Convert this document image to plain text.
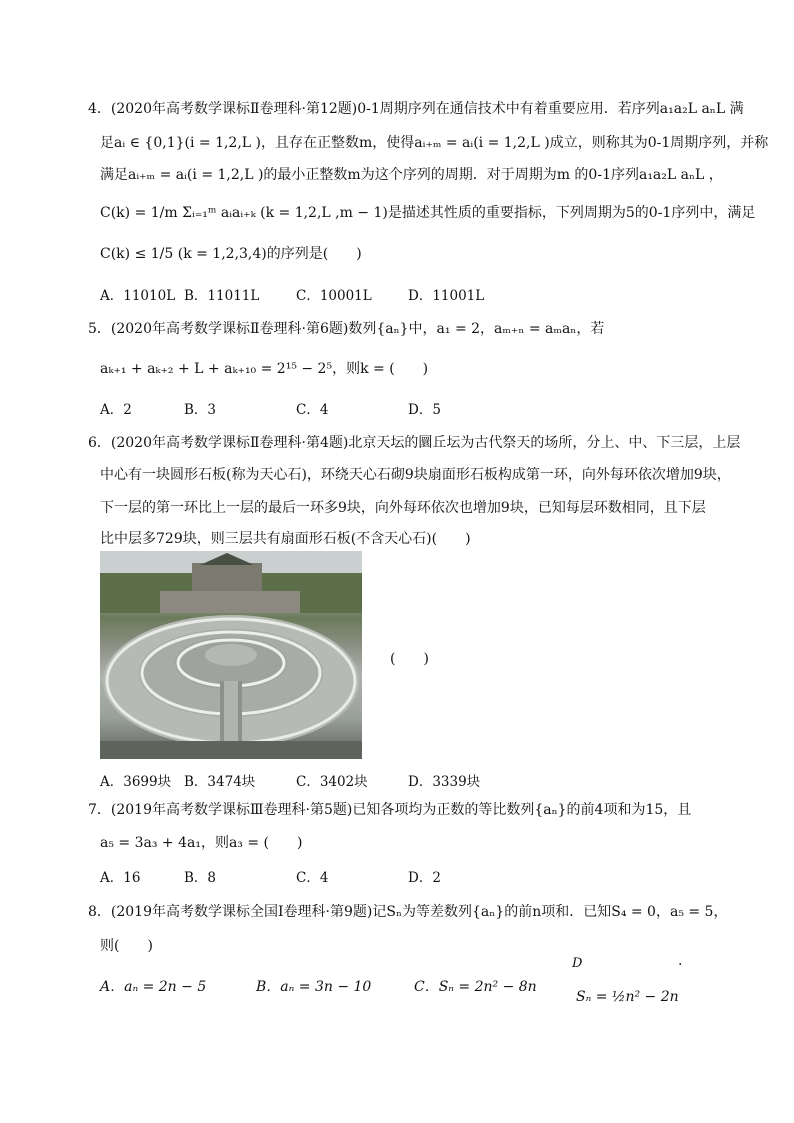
4．(2020年高考数学课标Ⅱ卷理科·第12题)0-1周期序列在通信技术中有着重要应用．若序列a₁a₂L aₙL 满
足aᵢ ∈ {0,1}(i = 1,2,L )，且存在正整数m，使得aᵢ₊ₘ = aᵢ(i = 1,2,L )成立，则称其为0-1周期序列，并称
满足aᵢ₊ₘ = aᵢ(i = 1,2,L )的最小正整数m为这个序列的周期．对于周期为m 的0-1序列a₁a₂L aₙL ，
C(k) = 1/m Σᵢ₌₁ᵐ aᵢaᵢ₊ₖ (k = 1,2,L ,m − 1)是描述其性质的重要指标，下列周期为5的0-1序列中，满足
C(k) ≤ 1/5 (k = 1,2,3,4)的序列是(　　)
A．11010L B．11011L	C．10001L	D．11001L
5．(2020年高考数学课标Ⅱ卷理科·第6题)数列{aₙ}中，a₁ = 2，aₘ₊ₙ = aₘaₙ，若
aₖ₊₁ + aₖ₊₂ + L + aₖ₊₁₀ = 2¹⁵ − 2⁵，则k = (　　)
A．2	B．3	C．4	D．5
6．(2020年高考数学课标Ⅱ卷理科·第4题)北京天坛的圜丘坛为古代祭天的场所，分上、中、下三层，上层
中心有一块圆形石板(称为天心石)，环绕天心石砌9块扇面形石板构成第一环，向外每环依次增加9块，
下一层的第一环比上一层的最后一环多9块，向外每环依次也增加9块，已知每层环数相同，且下层
比中层多729块，则三层共有扇面形石板(不含天心石)(　　)
(　　)
A．3699块 B．3474块	C．3402块	D．3339块
7．(2019年高考数学课标Ⅲ卷理科·第5题)已知各项均为正数的等比数列{aₙ}的前4项和为15，且
a₅ = 3a₃ + 4a₁，则a₃ = (　　)
A．16	B．8	C．4	D．2
8．(2019年高考数学课标全国Ⅰ卷理科·第9题)记Sₙ为等差数列{aₙ}的前n项和．已知S₄ = 0，a₅ = 5，
则(　　)
A．aₙ = 2n − 5	B．aₙ = 3n − 10	C．Sₙ = 2n² − 8n
D	.
Sₙ = ½n² − 2n
